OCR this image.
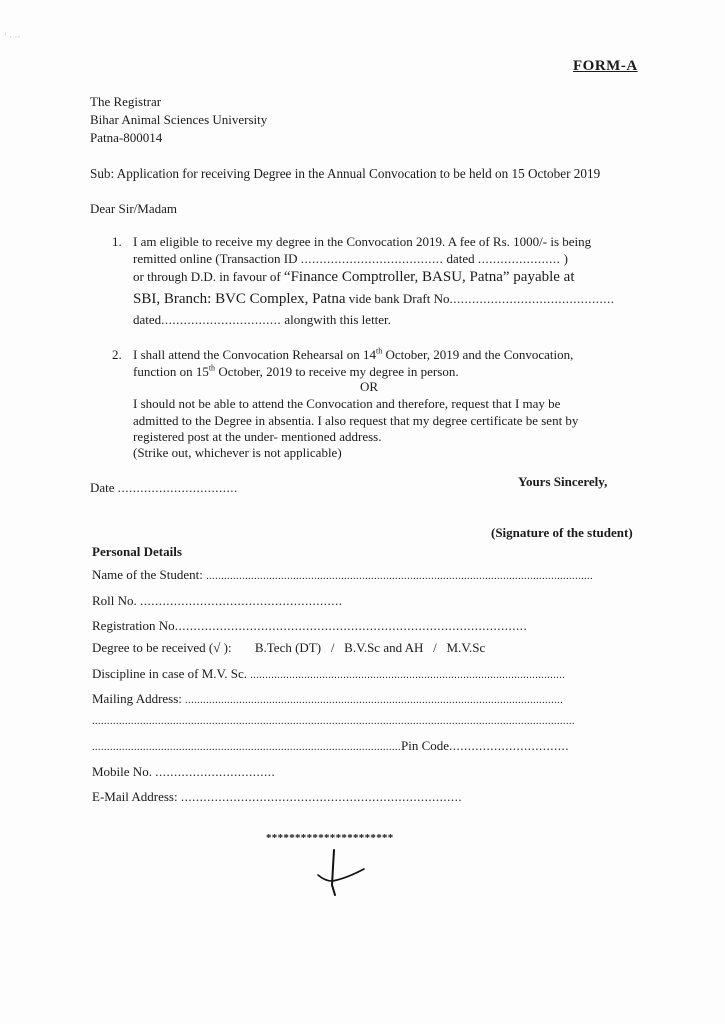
ʿ · ··
FORM-A
The Registrar
Bihar Animal Sciences University
Patna-800014
Sub: Application for receiving Degree in the Annual Convocation to be held on 15 October 2019
Dear Sir/Madam
1. I am eligible to receive my degree in the Convocation 2019. A fee of Rs. 1000/- is being
remitted online (Transaction ID ...................................... dated ...................... )
or through D.D. in favour of “Finance Comptroller, BASU, Patna” payable at
SBI, Branch: BVC Complex, Patna vide bank Draft No............................................
dated................................ alongwith this letter.
2. I shall attend the Convocation Rehearsal on 14th October, 2019 and the Convocation,
function on 15th October, 2019 to receive my degree in person.
OR
I should not be able to attend the Convocation and therefore, request that I may be
admitted to the Degree in absentia. I also request that my degree certificate be sent by
registered post at the under- mentioned address.
(Strike out, whichever is not applicable)
Date ................................	Yours Sincerely,
(Signature of the student)
Personal Details
Name of the Student: .................................................................................................................................
Roll No. ......................................................
Registration No..............................................................................................
Degree to be received (√ ): B.Tech (DT)   /   B.V.Sc and AH   /   M.V.Sc
Discipline in case of M.V. Sc. .........................................................................................................
Mailing Address: ..............................................................................................................................
.................................................................................................................................................................
.......................................................................................................Pin Code................................
Mobile No. ................................
E-Mail Address: ...........................................................................
**********************
